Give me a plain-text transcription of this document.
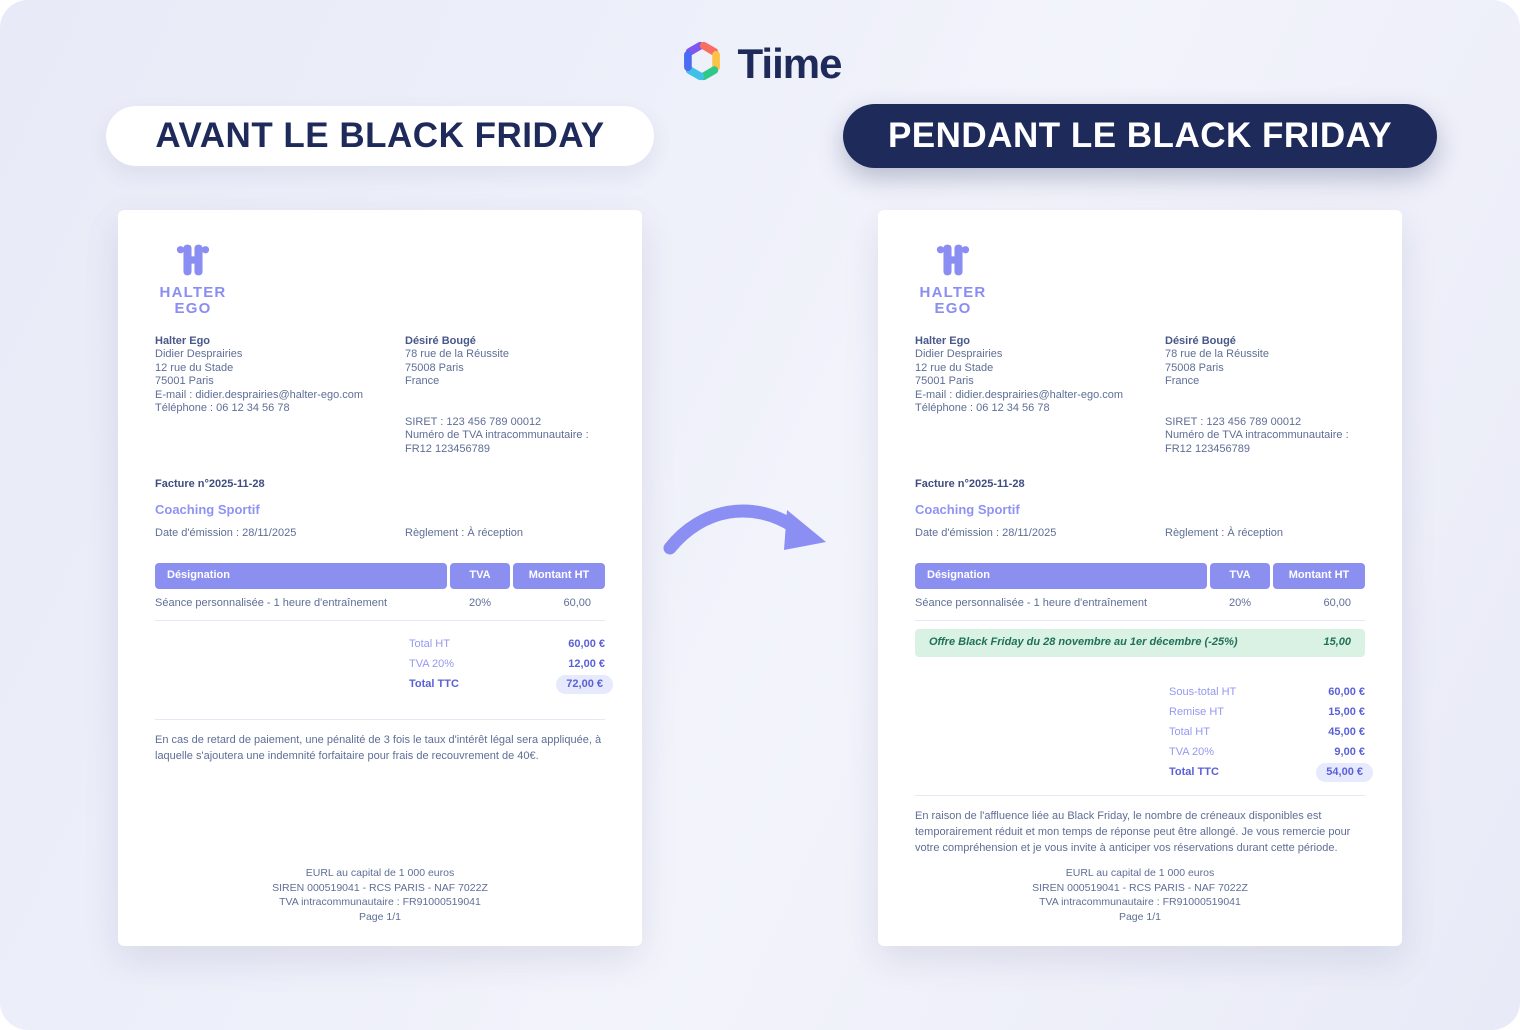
Tiime
AVANT LE BLACK FRIDAY	PENDANT LE BLACK FRIDAY
HALTER
EGO
Halter Ego
Didier Desprairies
12 rue du Stade
75001 Paris
E-mail : didier.desprairies@halter-ego.com
Téléphone : 06 12 34 56 78
Désiré Bougé
78 rue de la Réussite
75008 Paris
France
SIRET : 123 456 789 00012
Numéro de TVA intracommunautaire :
FR12 123456789
Facture n°2025-11-28
Coaching Sportif
Date d'émission : 28/11/2025	Règlement : À réception
Désignation	TVA	Montant HT
Séance personnalisée - 1 heure d'entraînement	20%	60,00
Total HT	60,00 €
TVA 20%	12,00 €
Total TTC	72,00 €
En cas de retard de paiement, une pénalité de 3 fois le taux d'intérêt légal sera appliquée, à laquelle s'ajoutera une indemnité forfaitaire pour frais de recouvrement de 40€.
EURL au capital de 1 000 euros
SIREN 000519041 - RCS PARIS - NAF 7022Z
TVA intracommunautaire : FR91000519041
Page 1/1
HALTER
EGO
Halter Ego
Didier Desprairies
12 rue du Stade
75001 Paris
E-mail : didier.desprairies@halter-ego.com
Téléphone : 06 12 34 56 78
Désiré Bougé
78 rue de la Réussite
75008 Paris
France
SIRET : 123 456 789 00012
Numéro de TVA intracommunautaire :
FR12 123456789
Facture n°2025-11-28
Coaching Sportif
Date d'émission : 28/11/2025	Règlement : À réception
Désignation	TVA	Montant HT
Séance personnalisée - 1 heure d'entraînement	20%	60,00
Offre Black Friday du 28 novembre au 1er décembre (-25%)	15,00
Sous-total HT	60,00 €
Remise HT	15,00 €
Total HT	45,00 €
TVA 20%	9,00 €
Total TTC	54,00 €
En raison de l'affluence liée au Black Friday, le nombre de créneaux disponibles est temporairement réduit et mon temps de réponse peut être allongé. Je vous remercie pour votre compréhension et je vous invite à anticiper vos réservations durant cette période.
EURL au capital de 1 000 euros
SIREN 000519041 - RCS PARIS - NAF 7022Z
TVA intracommunautaire : FR91000519041
Page 1/1
